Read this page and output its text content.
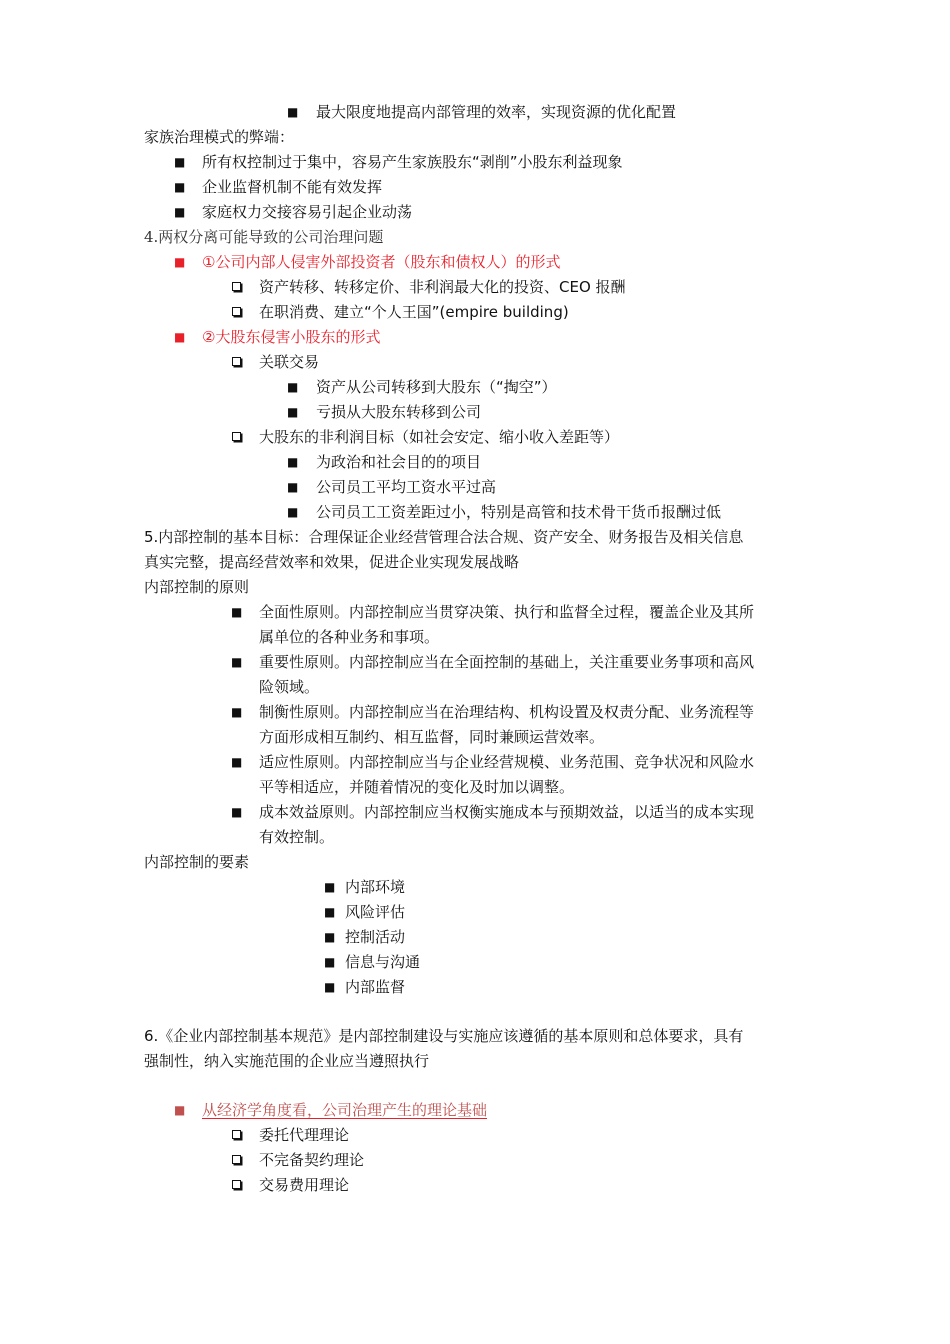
■ 最大限度地提高内部管理的效率，实现资源的优化配置
家族治理模式的弊端：
■ 所有权控制过于集中，容易产生家族股东“剥削”小股东利益现象
■ 企业监督机制不能有效发挥
■ 家庭权力交接容易引起企业动荡
4.两权分离可能导致的公司治理问题
■ ①公司内部人侵害外部投资者（股东和债权人）的形式
资产转移、转移定价、非利润最大化的投资、CEO 报酬
在职消费、建立“个人王国”(empire building)
■ ②大股东侵害小股东的形式
关联交易
■ 资产从公司转移到大股东（“掏空”）
■ 亏损从大股东转移到公司
大股东的非利润目标（如社会安定、缩小收入差距等）
■ 为政治和社会目的的项目
■ 公司员工平均工资水平过高
■ 公司员工工资差距过小，特别是高管和技术骨干货币报酬过低
5.内部控制的基本目标：合理保证企业经营管理合法合规、资产安全、财务报告及相关信息
真实完整，提高经营效率和效果，促进企业实现发展战略
内部控制的原则
■ 全面性原则。内部控制应当贯穿决策、执行和监督全过程，覆盖企业及其所
属单位的各种业务和事项。
■ 重要性原则。内部控制应当在全面控制的基础上，关注重要业务事项和高风
险领域。
■ 制衡性原则。内部控制应当在治理结构、机构设置及权责分配、业务流程等
方面形成相互制约、相互监督，同时兼顾运营效率。
■ 适应性原则。内部控制应当与企业经营规模、业务范围、竞争状况和风险水
平等相适应，并随着情况的变化及时加以调整。
■ 成本效益原则。内部控制应当权衡实施成本与预期效益，以适当的成本实现
有效控制。
内部控制的要素
■ 内部环境
■ 风险评估
■ 控制活动
■ 信息与沟通
■ 内部监督
6.《企业内部控制基本规范》是内部控制建设与实施应该遵循的基本原则和总体要求，具有
强制性，纳入实施范围的企业应当遵照执行
■ 从经济学角度看，公司治理产生的理论基础
委托代理理论
不完备契约理论
交易费用理论
